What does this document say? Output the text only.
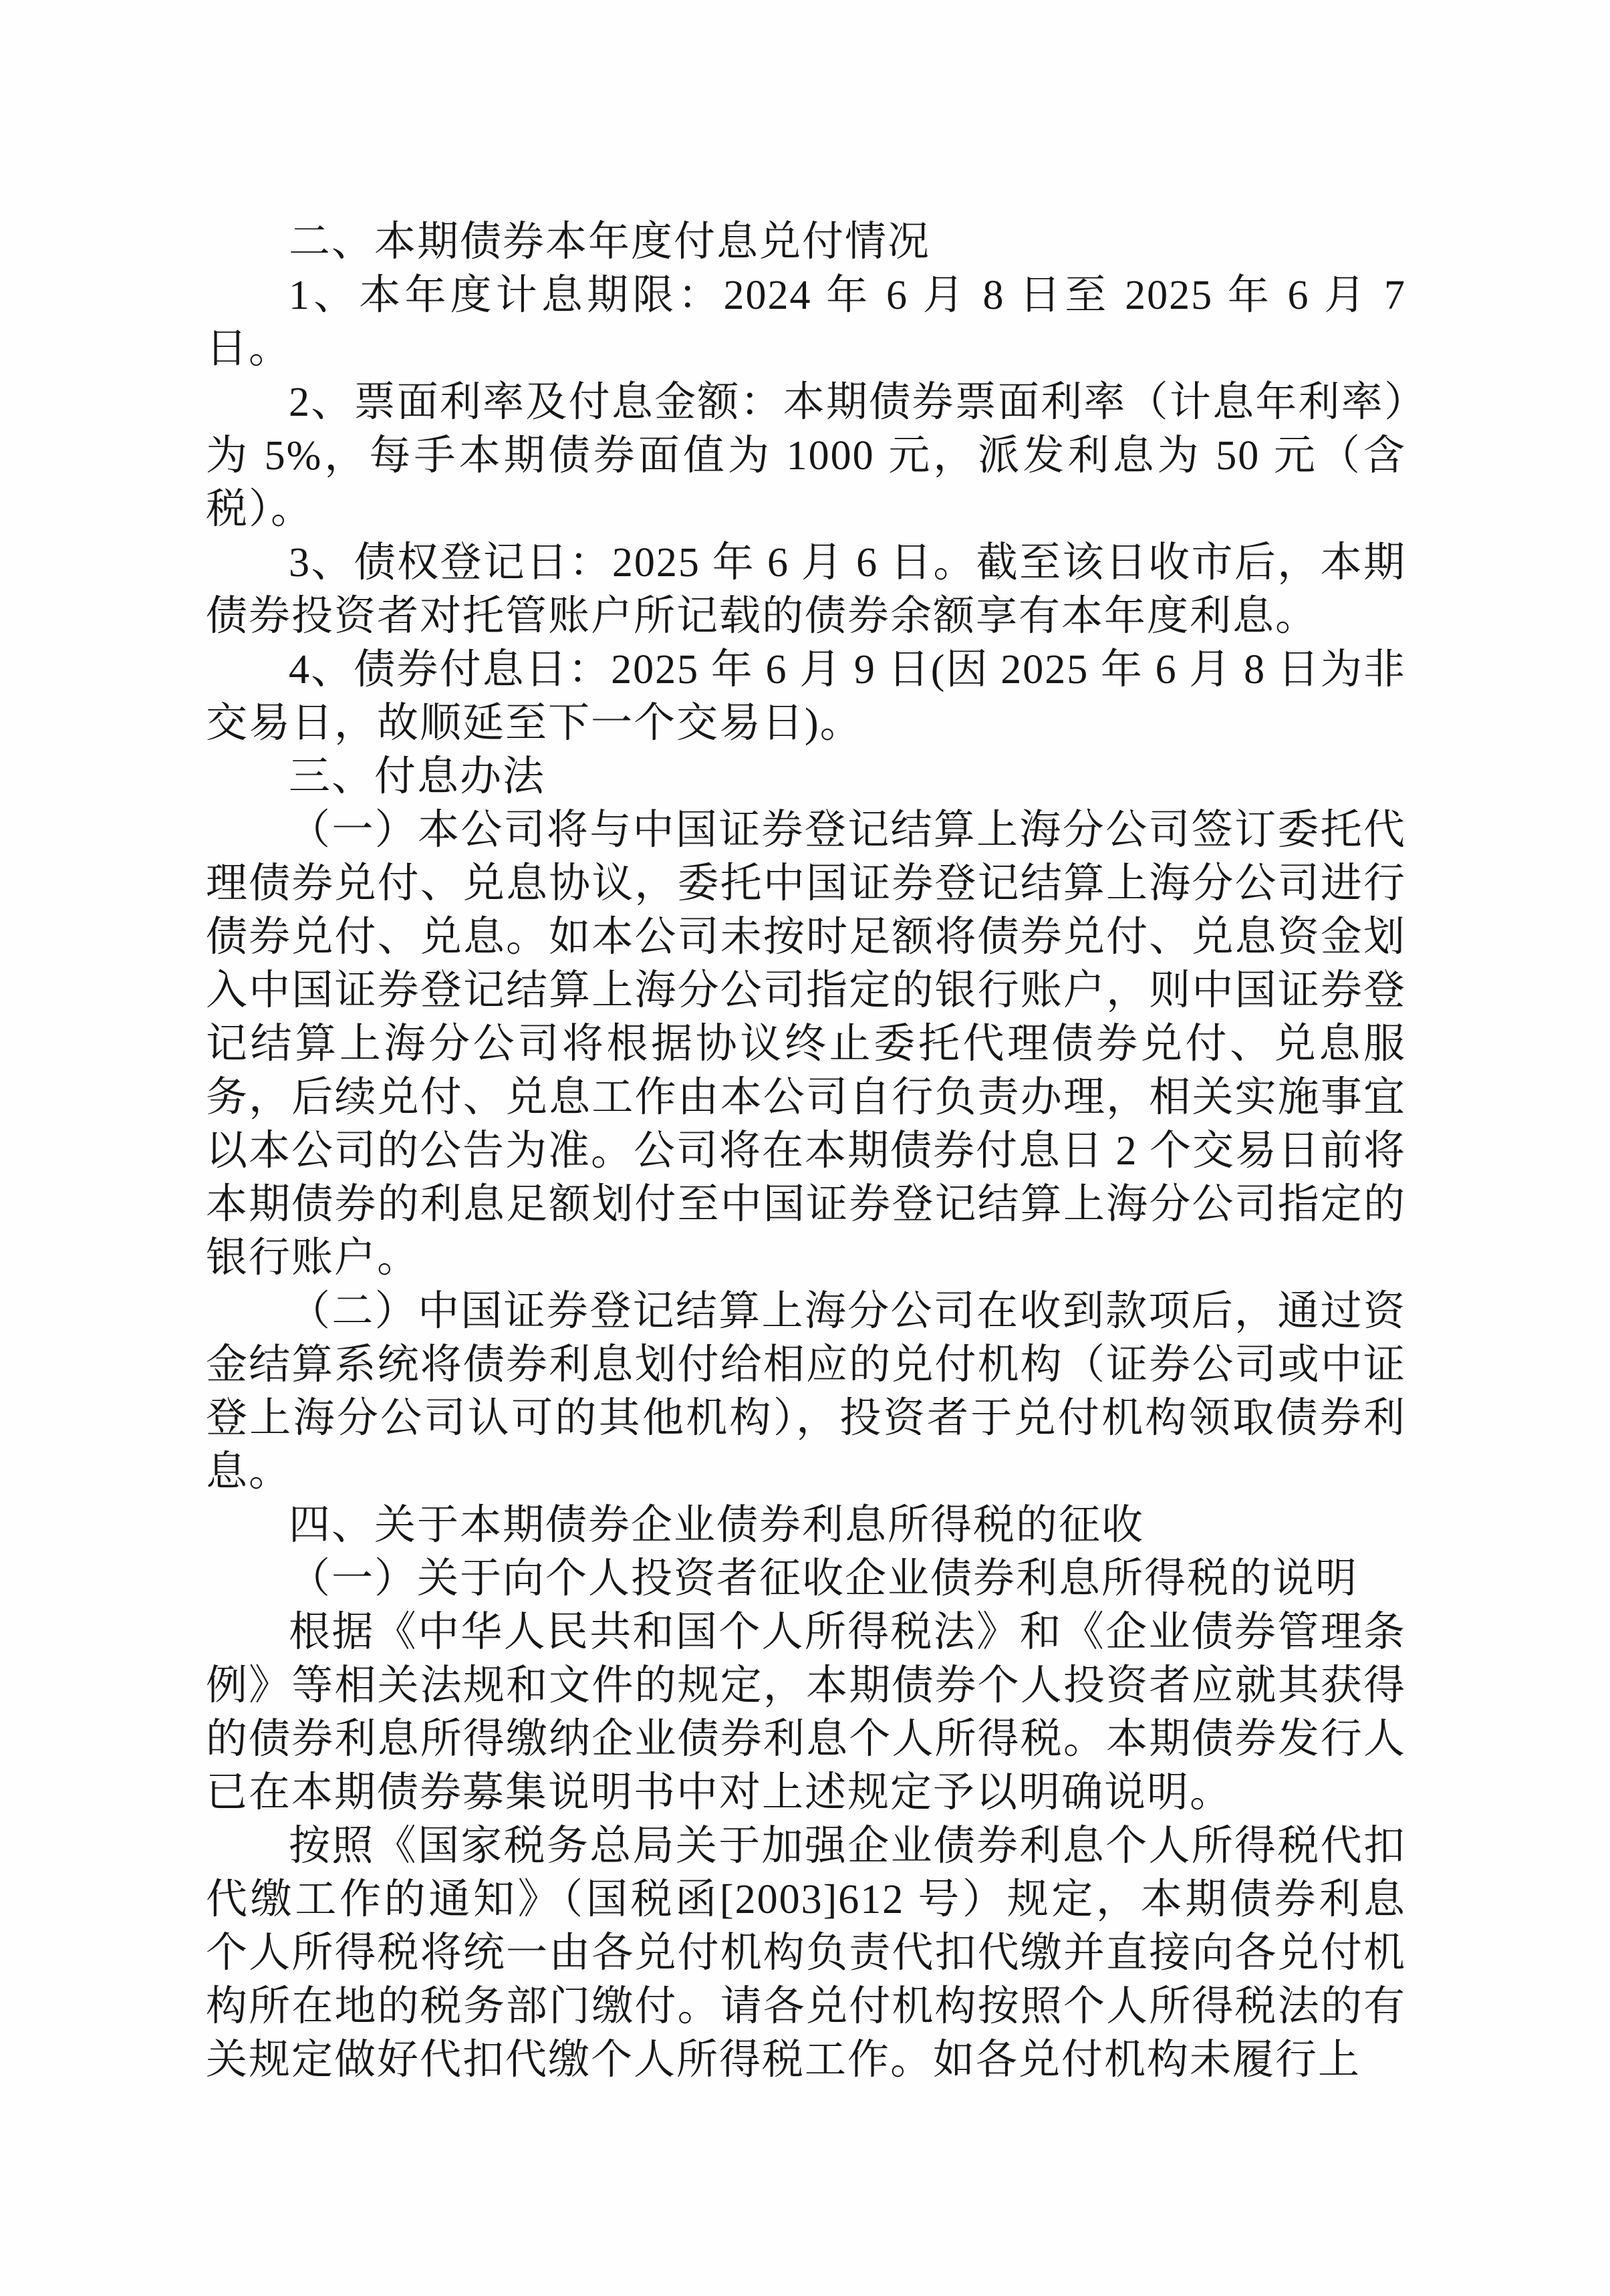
二、本期债券本年度付息兑付情况

1、本年度计息期限：2024 年 6 月 8 日至 2025 年 6 月 7 日。

2、票面利率及付息金额：本期债券票面利率（计息年利率）为 5%，每手本期债券面值为 1000 元，派发利息为 50 元（含税）。

3、债权登记日：2025 年 6 月 6 日。截至该日收市后，本期债券投资者对托管账户所记载的债券余额享有本年度利息。

4、债券付息日：2025 年 6 月 9 日(因 2025 年 6 月 8 日为非交易日，故顺延至下一个交易日)。

三、付息办法

（一）本公司将与中国证券登记结算上海分公司签订委托代理债券兑付、兑息协议，委托中国证券登记结算上海分公司进行债券兑付、兑息。如本公司未按时足额将债券兑付、兑息资金划入中国证券登记结算上海分公司指定的银行账户，则中国证券登记结算上海分公司将根据协议终止委托代理债券兑付、兑息服务，后续兑付、兑息工作由本公司自行负责办理，相关实施事宜以本公司的公告为准。公司将在本期债券付息日 2 个交易日前将本期债券的利息足额划付至中国证券登记结算上海分公司指定的银行账户。

（二）中国证券登记结算上海分公司在收到款项后，通过资金结算系统将债券利息划付给相应的兑付机构（证券公司或中证登上海分公司认可的其他机构），投资者于兑付机构领取债券利息。

四、关于本期债券企业债券利息所得税的征收

（一）关于向个人投资者征收企业债券利息所得税的说明

根据《中华人民共和国个人所得税法》和《企业债券管理条例》等相关法规和文件的规定，本期债券个人投资者应就其获得的债券利息所得缴纳企业债券利息个人所得税。本期债券发行人已在本期债券募集说明书中对上述规定予以明确说明。

按照《国家税务总局关于加强企业债券利息个人所得税代扣代缴工作的通知》（国税函[2003]612 号）规定，本期债券利息个人所得税将统一由各兑付机构负责代扣代缴并直接向各兑付机构所在地的税务部门缴付。请各兑付机构按照个人所得税法的有关规定做好代扣代缴个人所得税工作。如各兑付机构未履行上
